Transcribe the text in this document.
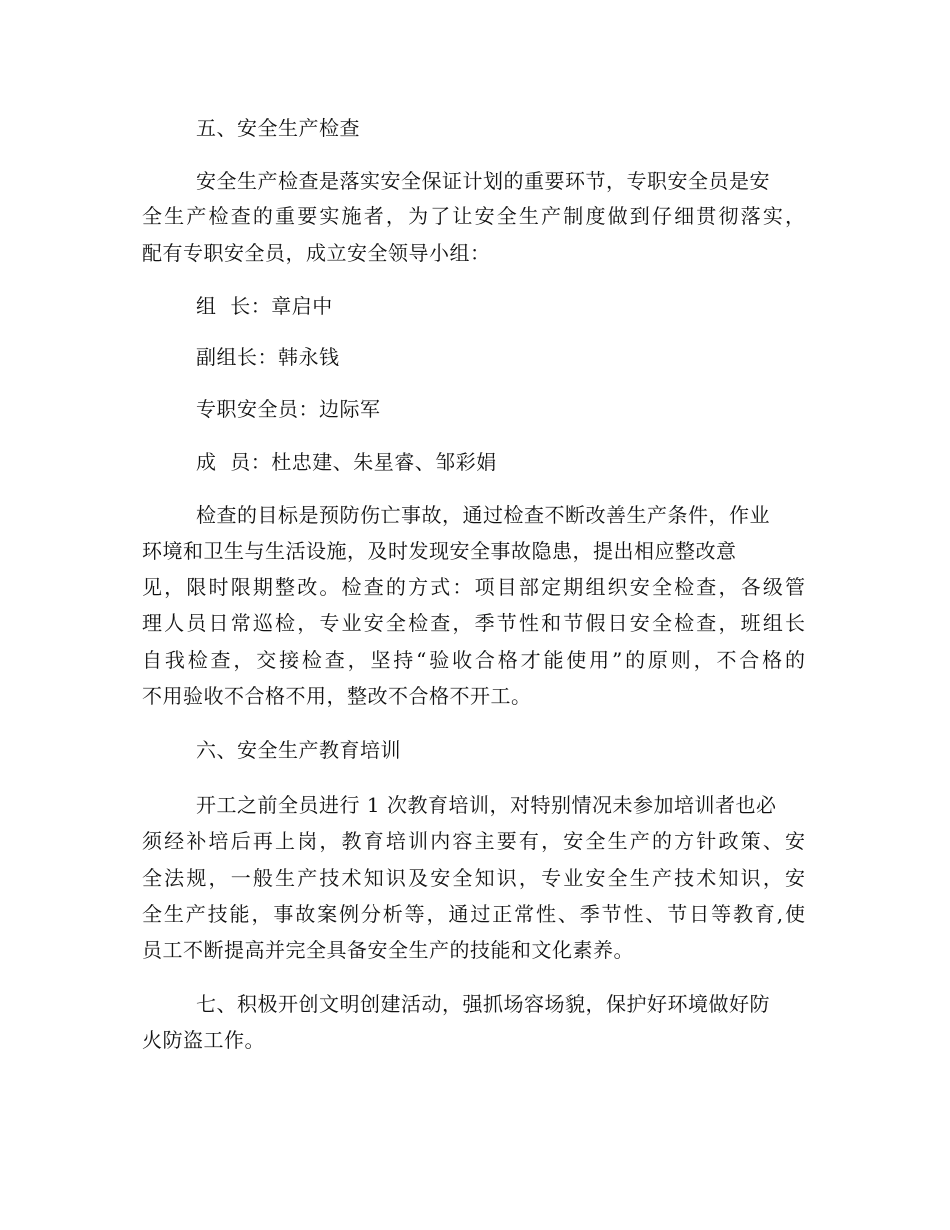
五、安全生产检查
安全生产检查是落实安全保证计划的重要环节，专职安全员是安
全生产检查的重要实施者，为了让安全生产制度做到仔细贯彻落实，
配有专职安全员，成立安全领导小组：
组  长：章启中
副组长：韩永钱
专职安全员：边际军
成  员：杜忠建、朱星睿、邹彩娟
检查的目标是预防伤亡事故，通过检查不断改善生产条件，作业
环境和卫生与生活设施，及时发现安全事故隐患，提出相应整改意
见，限时限期整改。检查的方式：项目部定期组织安全检查，各级管
理人员日常巡检，专业安全检查，季节性和节假日安全检查，班组长
自我检查，交接检查，坚持“验收合格才能使用”的原则，不合格的
不用验收不合格不用，整改不合格不开工。
六、安全生产教育培训
开工之前全员进行 1 次教育培训，对特别情况未参加培训者也必
须经补培后再上岗，教育培训内容主要有，安全生产的方针政策、安
全法规，一般生产技术知识及安全知识，专业安全生产技术知识，安
全生产技能，事故案例分析等，通过正常性、季节性、节日等教育,使
员工不断提高并完全具备安全生产的技能和文化素养。
七、积极开创文明创建活动，强抓场容场貌，保护好环境做好防
火防盗工作。
